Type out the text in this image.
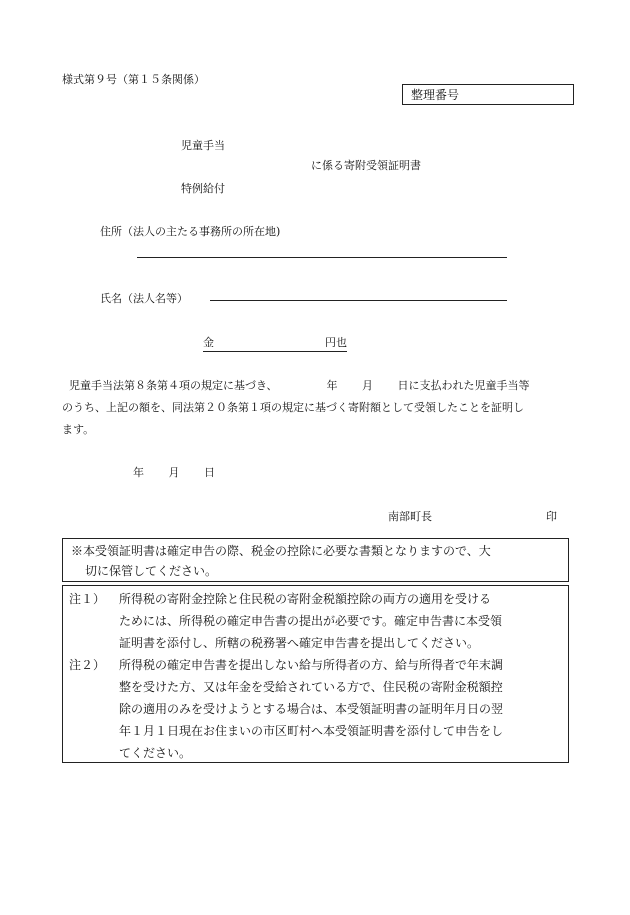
様式第９号（第１５条関係）
整理番号
児童手当
に係る寄附受領証明書
特例給付
住所（法人の主たる事務所の所在地)
氏名（法人名等）
金	円也
児童手当法第８条第４項の規定に基づき、	年 月 日に支払われた児童手当等
のうち、上記の額を、同法第２０条第１項の規定に基づく寄附額として受領したことを証明し
ます。
年 月 日
南部町長	印
※本受領証明書は確定申告の際、税金の控除に必要な書類となりますので、大
切に保管してください。
注１）	所得税の寄附金控除と住民税の寄附金税額控除の両方の適用を受ける
ためには、所得税の確定申告書の提出が必要です。確定申告書に本受領
証明書を添付し、所轄の税務署へ確定申告書を提出してください。
注２）	所得税の確定申告書を提出しない給与所得者の方、給与所得者で年末調
整を受けた方、又は年金を受給されている方で、住民税の寄附金税額控
除の適用のみを受けようとする場合は、本受領証明書の証明年月日の翌
年１月１日現在お住まいの市区町村へ本受領証明書を添付して申告をし
てください。
